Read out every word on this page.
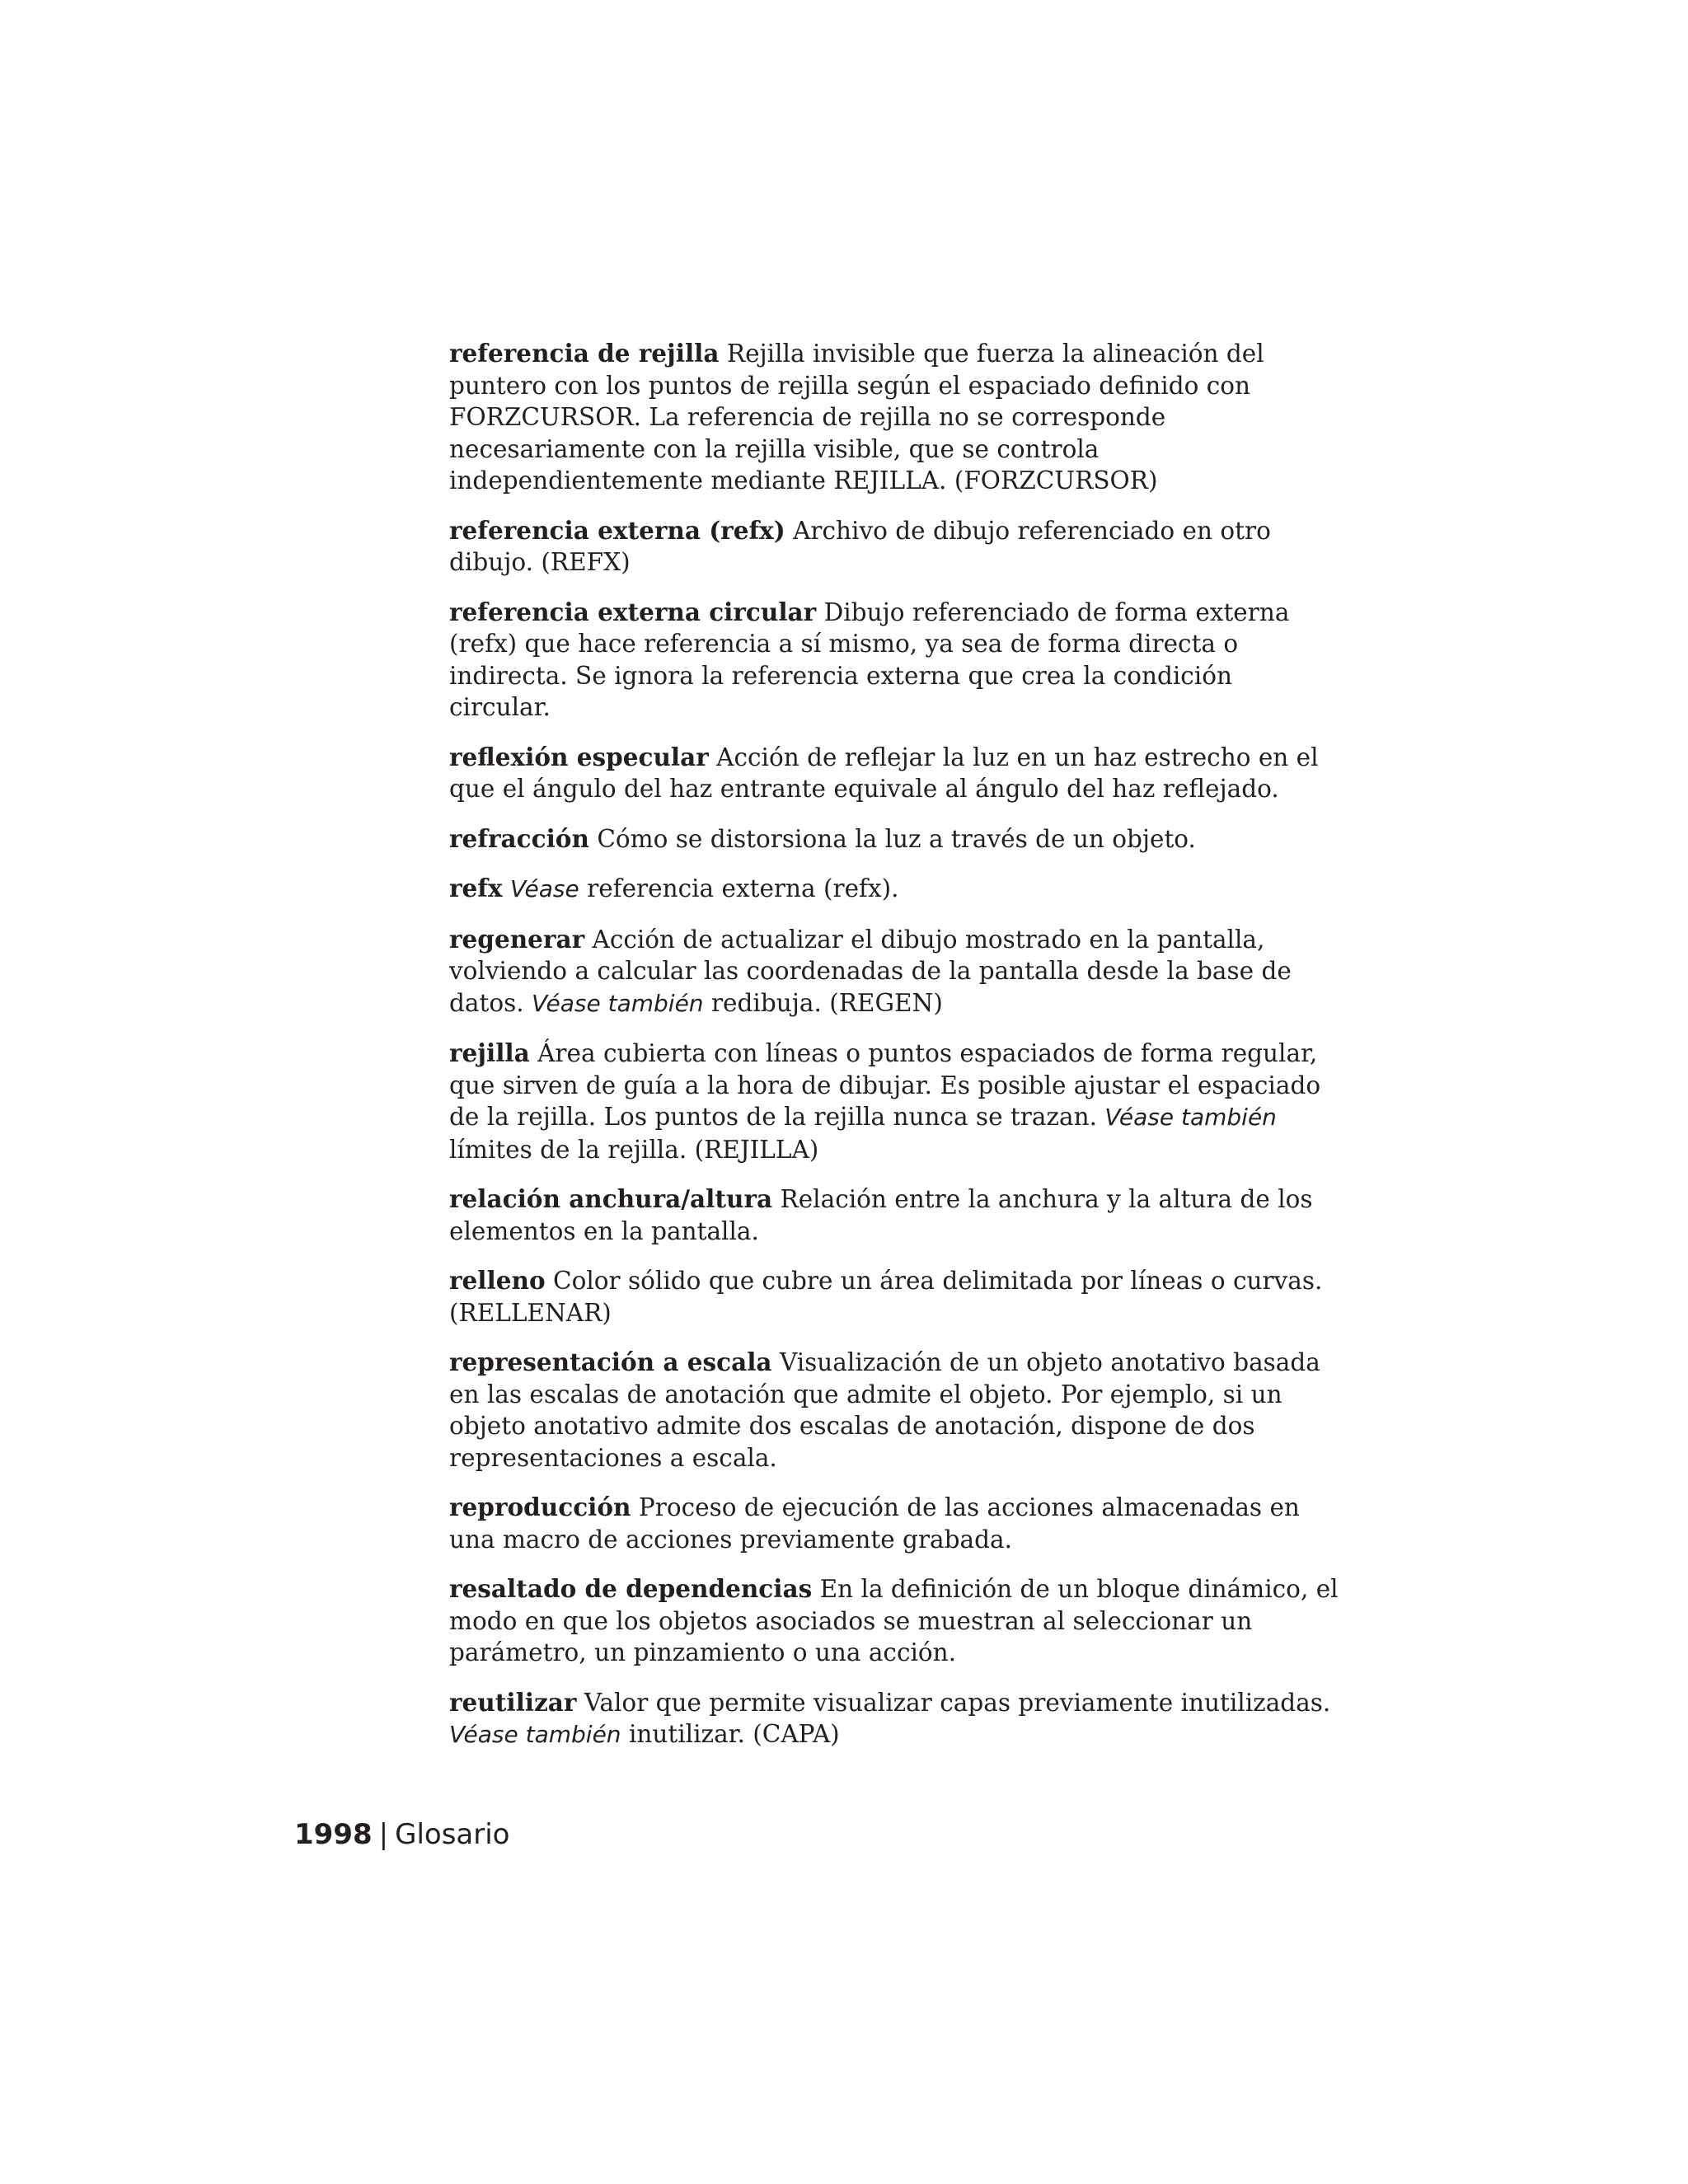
referencia de rejilla Rejilla invisible que fuerza la alineación del puntero con los puntos de rejilla según el espaciado definido con FORZCURSOR. La referencia de rejilla no se corresponde necesariamente con la rejilla visible, que se controla independientemente mediante REJILLA. (FORZCURSOR)

referencia externa (refx) Archivo de dibujo referenciado en otro dibujo. (REFX)

referencia externa circular Dibujo referenciado de forma externa (refx) que hace referencia a sí mismo, ya sea de forma directa o indirecta. Se ignora la referencia externa que crea la condición circular.

reflexión especular Acción de reflejar la luz en un haz estrecho en el que el ángulo del haz entrante equivale al ángulo del haz reflejado.

refracción Cómo se distorsiona la luz a través de un objeto.

refx Véase referencia externa (refx).

regenerar Acción de actualizar el dibujo mostrado en la pantalla, volviendo a calcular las coordenadas de la pantalla desde la base de datos. Véase también redibuja. (REGEN)

rejilla Área cubierta con líneas o puntos espaciados de forma regular, que sirven de guía a la hora de dibujar. Es posible ajustar el espaciado de la rejilla. Los puntos de la rejilla nunca se trazan. Véase también límites de la rejilla. (REJILLA)

relación anchura/altura Relación entre la anchura y la altura de los elementos en la pantalla.

relleno Color sólido que cubre un área delimitada por líneas o curvas. (RELLENAR)

representación a escala Visualización de un objeto anotativo basada en las escalas de anotación que admite el objeto. Por ejemplo, si un objeto anotativo admite dos escalas de anotación, dispone de dos representaciones a escala.

reproducción Proceso de ejecución de las acciones almacenadas en una macro de acciones previamente grabada.

resaltado de dependencias En la definición de un bloque dinámico, el modo en que los objetos asociados se muestran al seleccionar un parámetro, un pinzamiento o una acción.

reutilizar Valor que permite visualizar capas previamente inutilizadas. Véase también inutilizar. (CAPA)

1998 | Glosario
